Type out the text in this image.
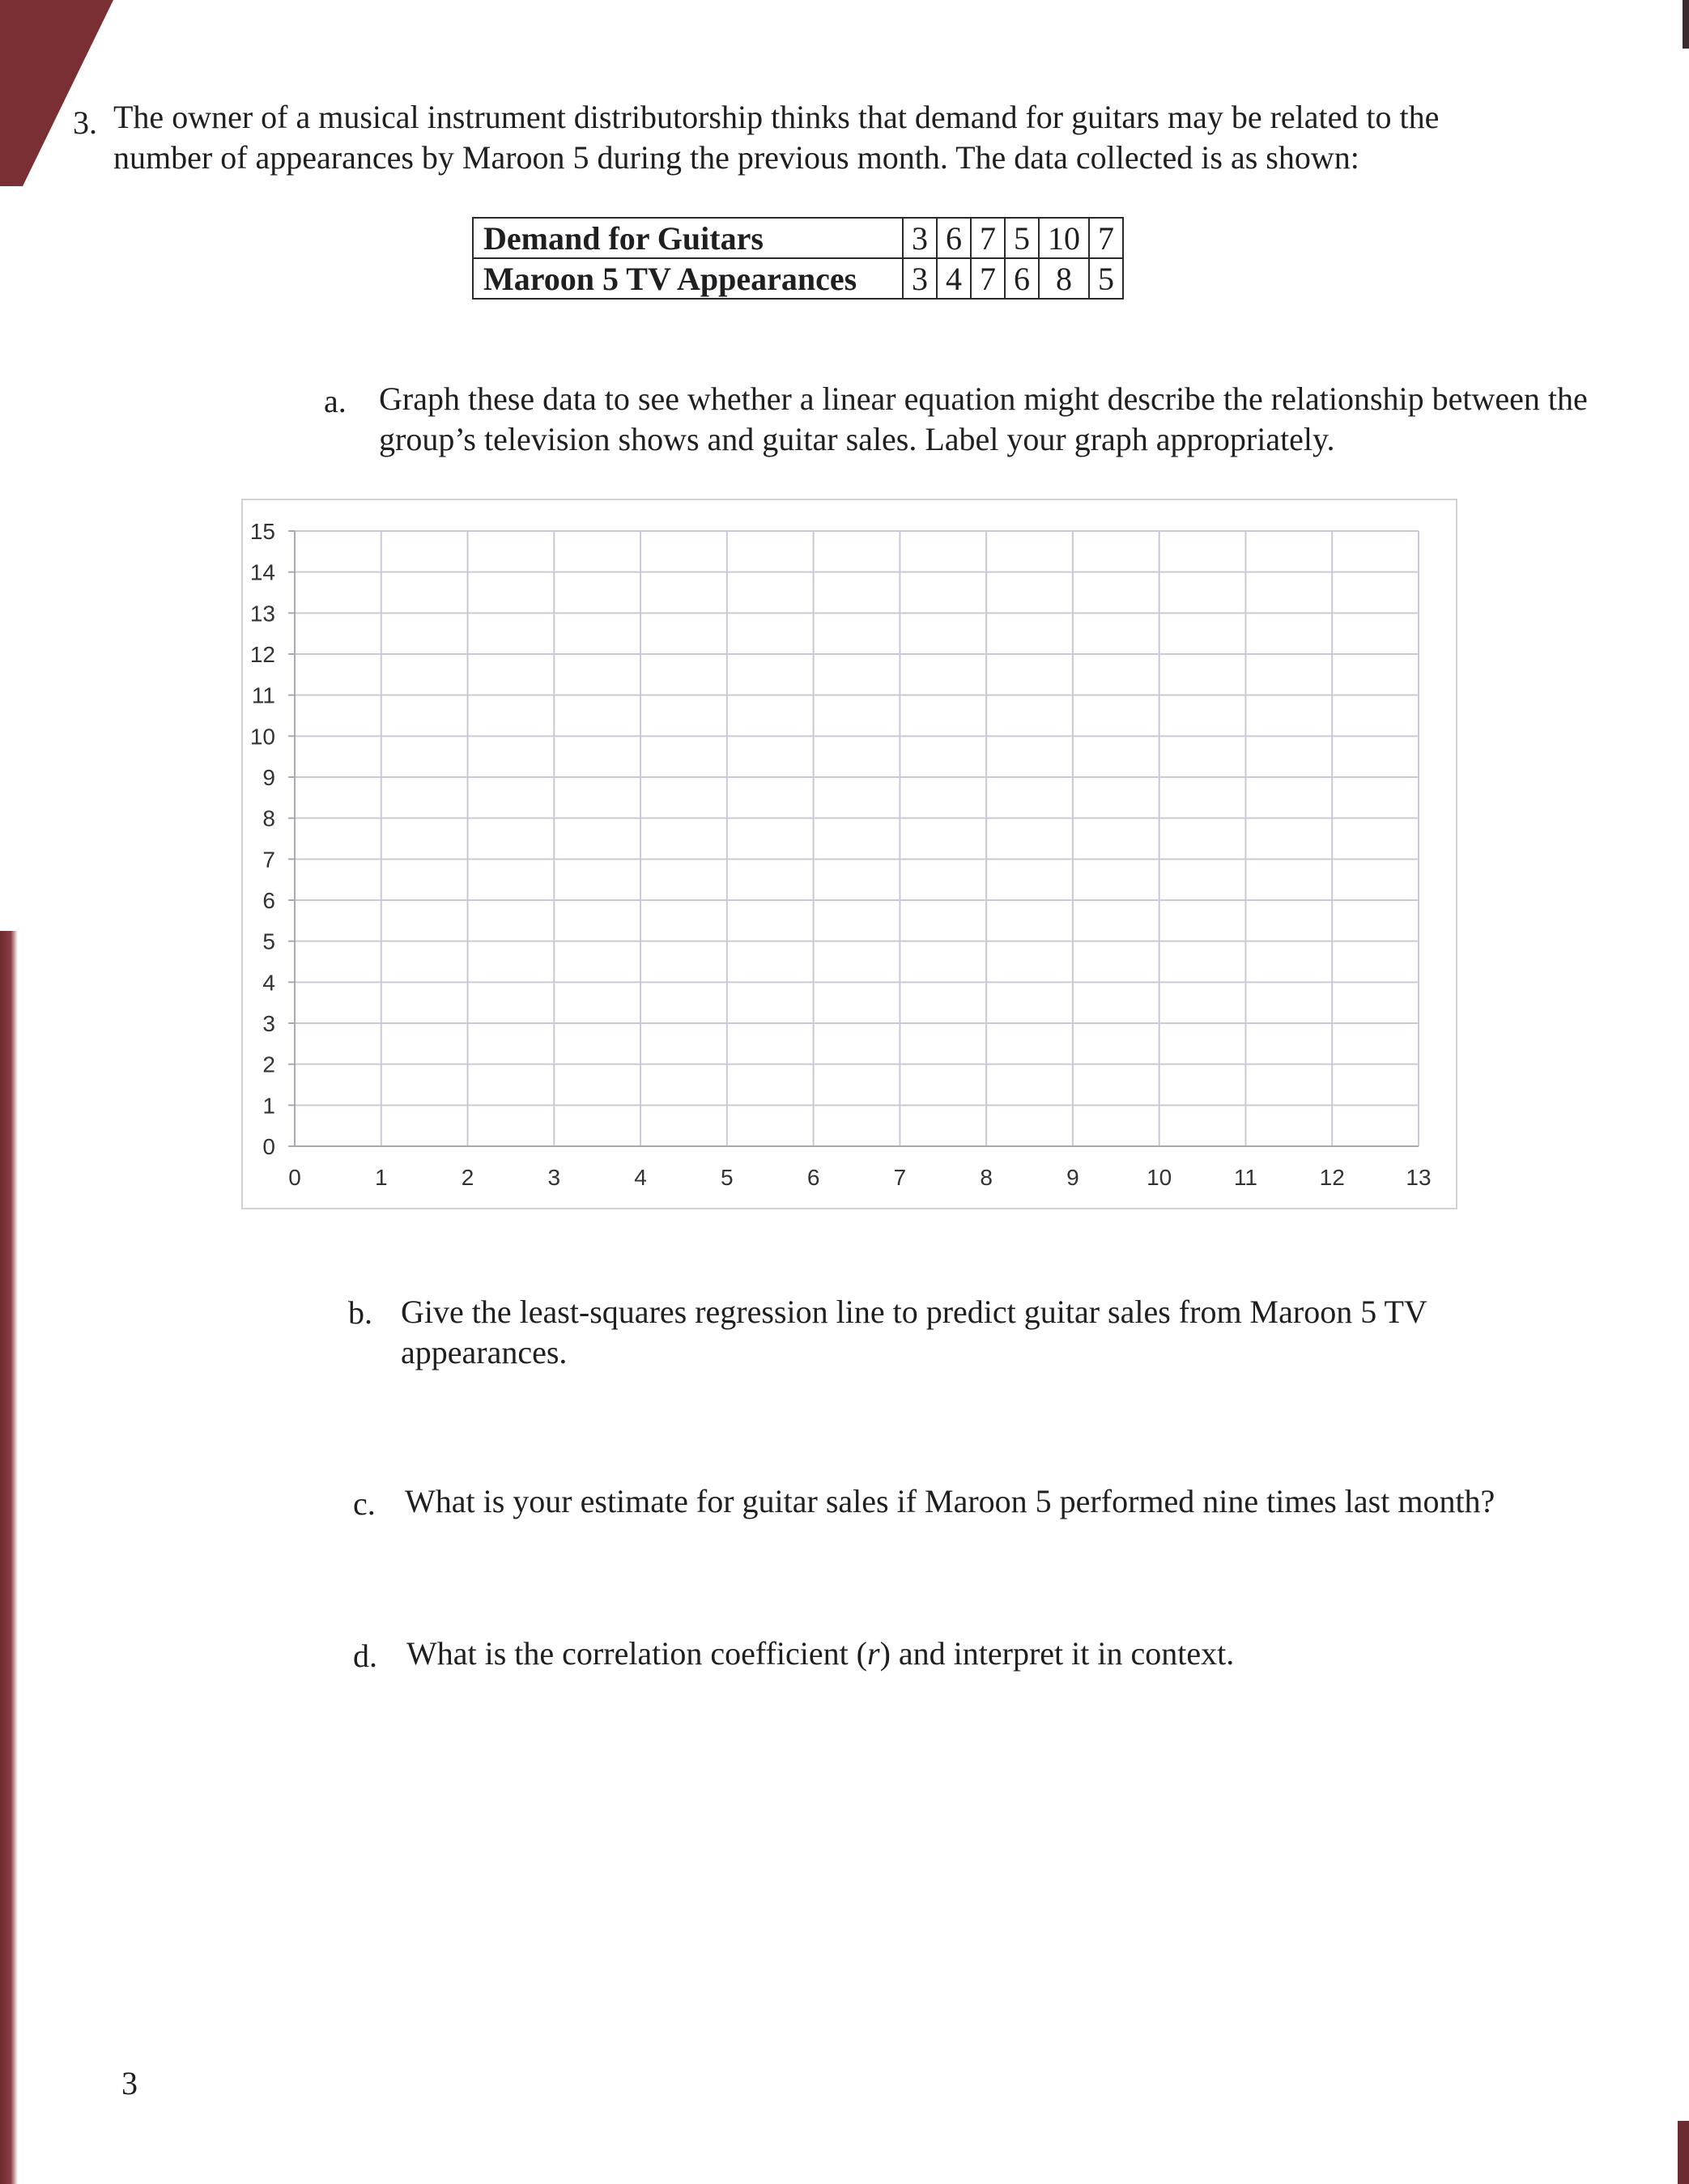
3. The owner of a musical instrument distributorship thinks that demand for guitars may be related to the number of appearances by Maroon 5 during the previous month. The data collected is as shown:

Demand for Guitars	3	6	7	5	10	7
Maroon 5 TV Appearances	3	4	7	6	8	5
a. Graph these data to see whether a linear equation might describe the relationship between the group’s television shows and guitar sales. Label your graph appropriately.

0
1
2
3
4
5
6
7
8
9
10
11
12
13
14
15
0	1	2	3	4	5	6	7	8	9	10	11	12	13
b. Give the least-squares regression line to predict guitar sales from Maroon 5 TV appearances.

c. What is your estimate for guitar sales if Maroon 5 performed nine times last month?

d. What is the correlation coefficient (r) and interpret it in context.

3
